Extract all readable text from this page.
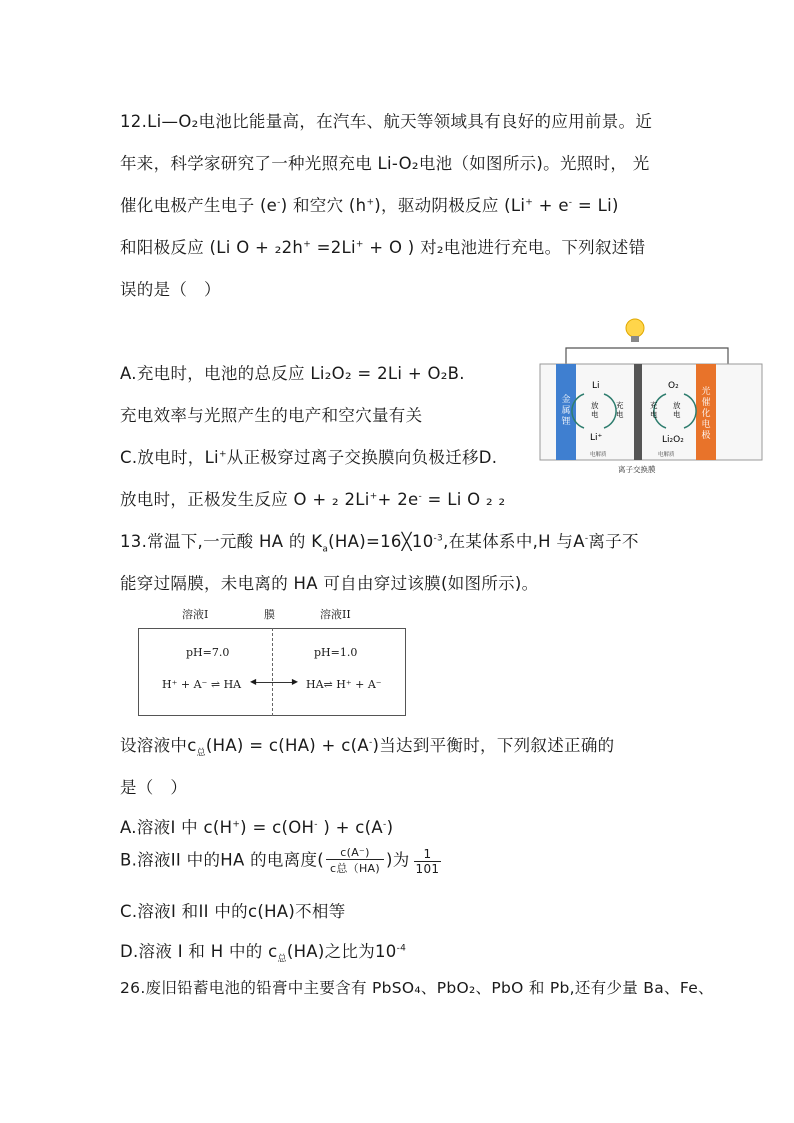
12.Li—O₂电池比能量高，在汽车、航天等领域具有良好的应用前景。近
年来，科学家研究了一种光照充电 Li-O₂电池（如图所示)。光照时， 光
催化电极产生电子 (e-) 和空穴 (h+)，驱动阴极反应 (Li+ + e- = Li)
和阳极反应 (Li O + ₂2h+ =2Li+ + O ) 对₂电池进行充电。下列叙述错
误的是（　）
A.充电时，电池的总反应 Li₂O₂ = 2Li + O₂B.
充电效率与光照产生的电产和空穴量有关
C.放电时，Li+从正极穿过离子交换膜向负极迁移D.
放电时，正极发生反应 O + ₂ 2Li++ 2e- = Li O ₂ ₂
金属锂
光催化电极
Li
Li⁺
放电
充电
O₂
Li₂O₂
充电
放电
电解质	电解质
离子交换膜
13.常温下,一元酸 HA 的 $K_a(HA)=16╳10^{-3}$,在某体系中,H 与A-离子不
能穿过隔膜，未电离的 HA 可自由穿过该膜(如图所示)。
溶液I	膜	溶液II
pH=7.0	pH=1.0
H⁺ + A⁻ ⇌ HA ◀	▶ HA⇌ H⁺ + A⁻
设溶液中$c_总(HA) = c(HA) + c(A^-)$当达到平衡时，下列叙述正确的
是（　）
A.溶液I 中 c(H+) = c(OH- ) + c(A-)
B.溶液II 中的HA 的电离度(	c(A⁻)
c总（HA) )为 $\frac{1}{101}$
C.溶液I 和II 中的c(HA)不相等
D.溶液 I 和 H 中的 $c_总(HA)$之比为$10^{-4}$
26.废旧铅蓄电池的铅膏中主要含有 PbSO₄、PbO₂、PbO 和 Pb,还有少量 Ba、Fe、
